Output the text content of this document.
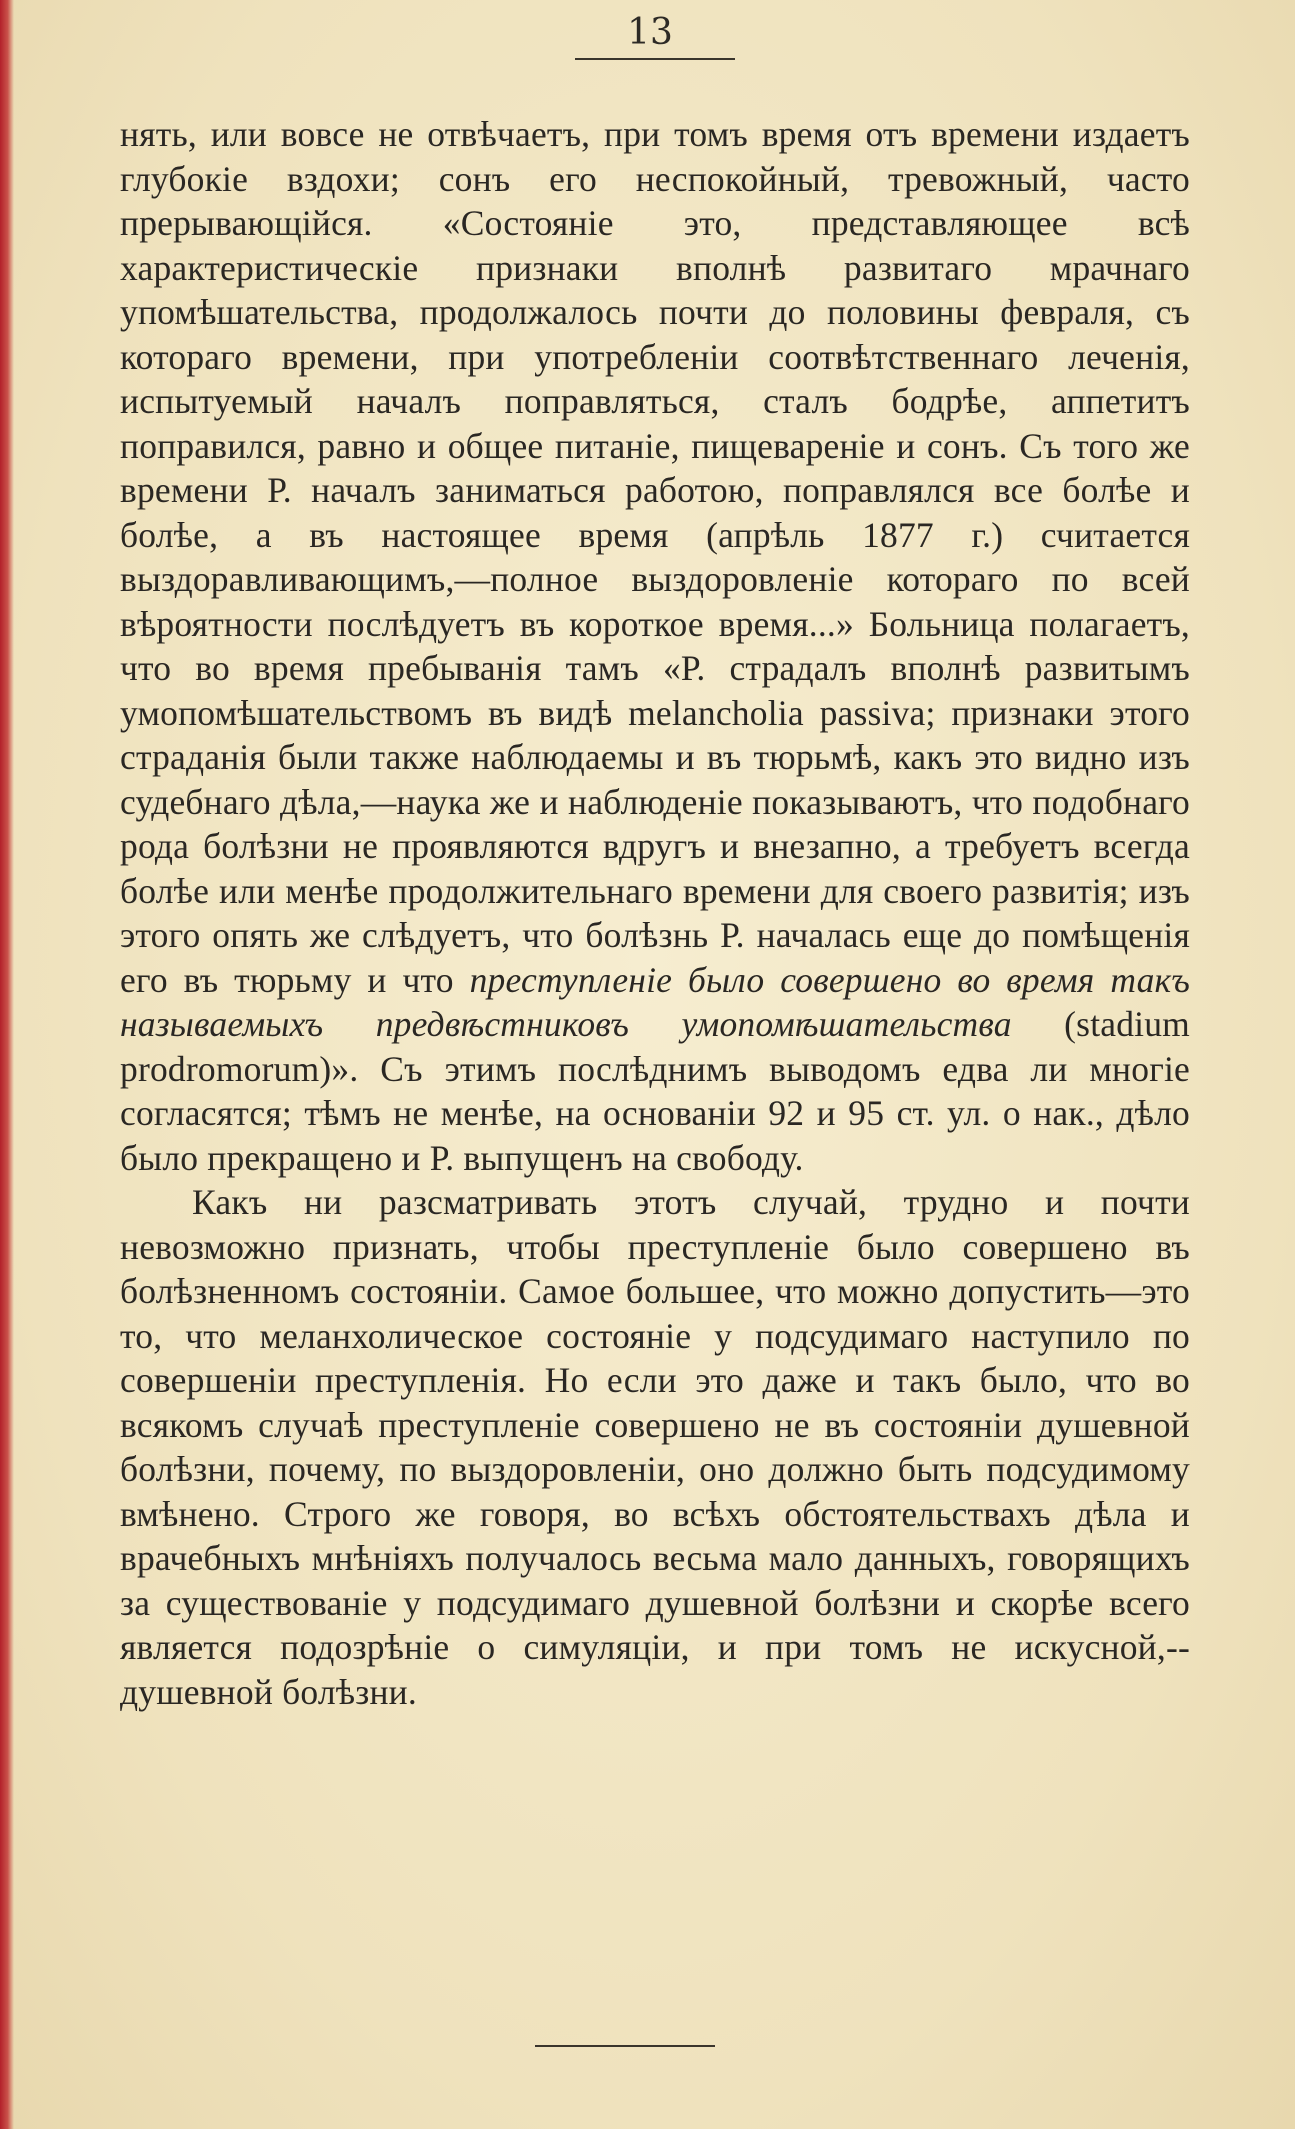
13

нять, или вовсе не отвѣчаетъ, при томъ время отъ времени издаетъ глубокіе вздохи; сонъ его неспокойный, тревожный, часто прерывающійся. «Состояніе это, представляющее всѣ характеристическіе признаки вполнѣ развитаго мрачнаго упомѣшательства, продолжалось почти до половины февраля, съ котораго времени, при употребленіи соотвѣтственнаго леченія, испытуемый началъ поправляться, сталъ бодрѣе, аппетитъ поправился, равно и общее питаніе, пищевареніе и сонъ. Съ того же времени Р. началъ заниматься работою, поправлялся все болѣе и болѣе, а въ настоящее время (апрѣль 1877 г.) считается выздоравливающимъ,—полное выздоровленіе котораго по всей вѣроятности послѣдуетъ въ короткое время...» Больница полагаетъ, что во время пребыванія тамъ «Р. страдалъ вполнѣ развитымъ умопомѣшательствомъ въ видѣ melancholia passiva; признаки этого страданія были также наблюдаемы и въ тюрьмѣ, какъ это видно изъ судебнаго дѣла,—наука же и наблюденіе показываютъ, что подобнаго рода болѣзни не проявляются вдругъ и внезапно, а требуетъ всегда болѣе или менѣе продолжительнаго времени для своего развитія; изъ этого опять же слѣдуетъ, что болѣзнь Р. началась еще до помѣщенія его въ тюрьму и что преступленіе было совершено во время такъ называемыхъ предвѣстниковъ умопомѣшательства (stadium prodromorum)». Съ этимъ послѣднимъ выводомъ едва ли многіе согласятся; тѣмъ не менѣе, на основаніи 92 и 95 ст. ул. о нак., дѣло было прекращено и Р. выпущенъ на свободу.

Какъ ни разсматривать этотъ случай, трудно и почти невозможно признать, чтобы преступленіе было совершено въ болѣзненномъ состояніи. Самое большее, что можно допустить—это то, что меланхолическое состояніе у подсудимаго наступило по совершеніи преступленія. Но если это даже и такъ было, что во всякомъ случаѣ преступленіе совершено не въ состояніи душевной болѣзни, почему, по выздоровленіи, оно должно быть подсудимому вмѣнено. Строго же говоря, во всѣхъ обстоятельствахъ дѣла и врачебныхъ мнѣніяхъ получалось весьма мало данныхъ, говорящихъ за существованіе у подсудимаго душевной болѣзни и скорѣе всего является подозрѣніе о симуляціи, и при томъ не искусной,--душевной болѣзни.
